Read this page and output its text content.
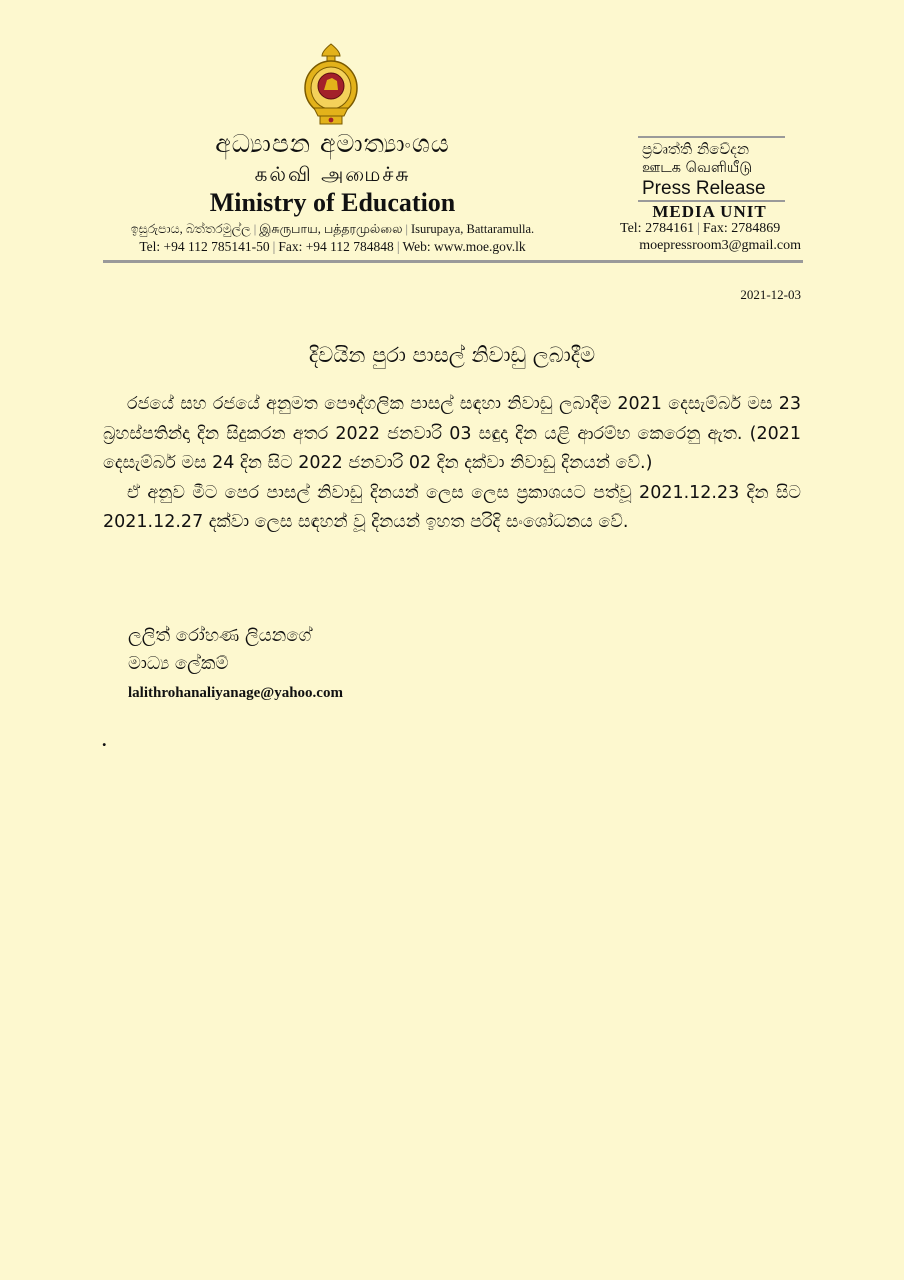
අධ්‍යාපන අමාත්‍යාංශය
கல்வி அமைச்சு
Ministry of Education
ඉසුරුපාය, බත්තරමුල්ල | இசுருபாய, பத்தரமுல்லை | Isurupaya, Battaramulla.
Tel: +94 112 785141-50 | Fax: +94 112 784848 | Web: www.moe.gov.lk
ප්‍රවෘත්ති නිවේදන
ஊடக வெளியீடு
Press Release
MEDIA UNIT
Tel: 2784161 | Fax: 2784869
moepressroom3@gmail.com
2021-12-03
දිවයින පුරා පාසල් නිවාඩු ලබාදීම

රජයේ සහ රජයේ අනුමත පෞද්ගලික පාසල් සඳහා නිවාඩු ලබාදීම 2021 දෙසැම්බර් මස 23 බ්‍රහස්පතින්දා දින සිදුකරන අතර 2022 ජනවාරි 03 සඳුදා දින යළි ආරම්භ කෙරෙනු ඇත. (2021 දෙසැම්බර් මස 24 දින සිට 2022 ජනවාරි 02 දින දක්වා නිවාඩු දිනයන් වේ.)

ඒ අනුව මීට පෙර පාසල් නිවාඩු දිනයන් ලෙස ලෙස ප්‍රකාශයට පත්වූ 2021.12.23 දින සිට 2021.12.27 දක්වා ලෙස සඳහන් වූ දිනයන් ඉහත පරිදි සංශෝධනය වේ.

ලලිත් රෝහණ ලියනගේ
මාධ්‍ය ලේකම්
lalithrohanaliyanage@yahoo.com
.
